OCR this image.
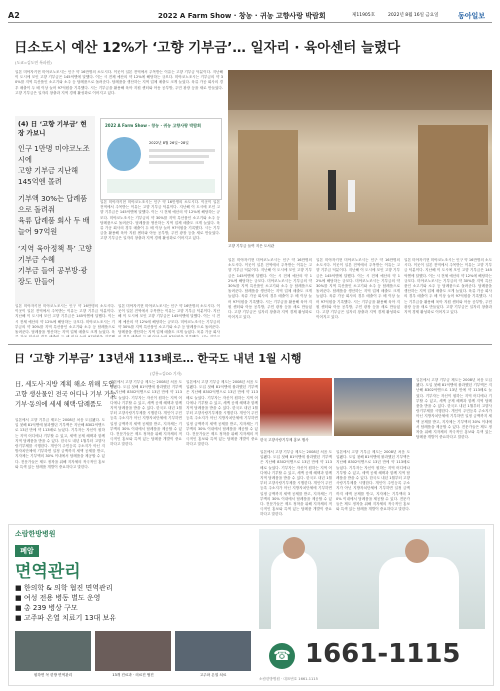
A2	2022 A Farm Show · 창농 · 귀농 고향사랑 박람회	제11905호	2022년 8월 16일 금요일	동아일보
日소도시 예산 12%가 ‘고향 기부금’… 일자리 · 육아센터 늘렸다
(도쿄=김도연 특파원)
일본 미야자키현 미야코노조시는 인구 약 16만명의 소도시다. 이곳이 일본 전역에서 주목받는 이유는 고향 기부금 덕분이다. 지난해 이 도시에 모인 고향 기부금은 145억엔에 달했다. 이는 시 전체 예산의 약 12%에 해당하는 규모다. 미야코노조시는 기부금의 약 30%를 지역 특산품인 소고기와 소주 등 답례품으로 돌려준다. 답례품을 생산하는 지역 업체 매출도 크게 늘었다. 육류 가공 회사의 경우 매출이 두 배 이상 늘어 97억원을 기록했다. 시는 기부금을 활용해 육아 지원 센터와 아동 공부방, 주민 광장 등을 새로 만들었다. 고향 기부금은 일자리 창출과 지역 경제 활성화로 이어지고 있다.
(4) 日 ‘고향 기부금’ 현장 가보니
인구 1만명 미야코노조시에
고향 기부금 지난해 145억엔 몰려
기부액 30%는 답례품으로 돌려줘
육류 답례품 회사 두 배 늘어 97억원
‘지역 육아정책 특’ 고향 기부금 수혜
기부금 들여 공부방·광장도 만들어
2022 A Farm Show - 창농 · 귀농 고향사랑 박람회
2022년 8월 26일~28일
일본 미야자키현 미야코노조시는 인구 약 16만명의 소도시다. 이곳이 일본 전역에서 주목받는 이유는 고향 기부금 덕분이다. 지난해 이 도시에 모인 고향 기부금은 145억엔에 달했다. 이는 시 전체 예산의 약 12%에 해당하는 규모다. 미야코노조시는 기부금의 약 30%를 지역 특산품인 소고기와 소주 등 답례품으로 돌려준다. 답례품을 생산하는 지역 업체 매출도 크게 늘었다. 육류 가공 회사의 경우 매출이 두 배 이상 늘어 97억원을 기록했다. 시는 기부금을 활용해 육아 지원 센터와 아동 공부방, 주민 광장 등을 새로 만들었다. 고향 기부금은 일자리 창출과 지역 경제 활성화로 이어지고 있다.
일본 미야자키현 미야코노조시는 인구 약 16만명의 소도시다. 이곳이 일본 전역에서 주목받는 이유는 고향 기부금 덕분이다. 지난해 이 도시에 모인 고향 기부금은 145억엔에 달했다. 이는 시 전체 예산의 약 12%에 해당하는 규모다. 미야코노조시는 기부금의 약 30%를 지역 특산품인 소고기와 소주 등 답례품으로 돌려준다. 답례품을 생산하는 지역 업체 매출도 크게 늘었다. 육
일본 미야자키현 미야코노조시는 인구 약 16만명의 소도시다. 이곳이 일본 전역에서 주목받는 이유는 고향 기부금 덕분이다. 지난해 이 도시에 모인 고향 기부금은 145억엔에 달했다. 이는 시 전체 예산의 약 12%에 해당하는 규모다. 미야코노조시는 기부금의 약 30%를 지역 특산품인 소고기와 소주 등 답례품으로 돌려준다. 답례품을 생산하는 지역 업체 매출도 크게 늘었다. 육류 가공 회사
고향 기부금 들여 지은 도서관
일본 미야자키현 미야코노조시는 인구 약 16만명의 소도시다. 이곳이 일본 전역에서 주목받는 이유는 고향 기부금 덕분이다. 지난해 이 도시에 모인 고향 기부금은 145억엔에 달했다. 이는 시 전체 예산의 약 12%에 해당하는 규모다. 미야코노조시는 기부금의 약 30%를 지역 특산품인 소고기와 소주 등 답례품으로 돌려준다. 답례품을 생산하는 지역 업체 매출도 크게 늘었다. 육류 가공 회사의 경우 매출이 두 배 이상 늘어 97억원을 기록했다. 시는 기부금을 활용해 육아 지원 센터와 아동 공부방, 주민 광장 등을 새로 만들었다. 고향 기부금은 일자리 창출과 지역 경제 활성화로 이어지고 있다.
일본 미야자키현 미야코노조시는 인구 약 16만명의 소도시다. 이곳이 일본 전역에서 주목받는 이유는 고향 기부금 덕분이다. 지난해 이 도시에 모인 고향 기부금은 145억엔에 달했다. 이는 시 전체 예산의 약 12%에 해당하는 규모다. 미야코노조시는 기부금의 약 30%를 지역 특산품인 소고기와 소주 등 답례품으로 돌려준다. 답례품을 생산하는 지역 업체 매출도 크게 늘었다. 육류 가공 회사의 경우 매출이 두 배 이상 늘어 97억원을 기록했다. 시는 기부금을 활용해 육아 지원 센터와 아동 공부방, 주민 광장 등을 새로 만들었다. 고향 기부금은 일자리 창출과 지역 경제 활성화로 이어지고 있다.
일본 미야자키현 미야코노조시는 인구 약 16만명의 소도시다. 이곳이 일본 전역에서 주목받는 이유는 고향 기부금 덕분이다. 지난해 이 도시에 모인 고향 기부금은 145억엔에 달했다. 이는 시 전체 예산의 약 12%에 해당하는 규모다. 미야코노조시는 기부금의 약 30%를 지역 특산품인 소고기와 소주 등 답례품으로 돌려준다. 답례품을 생산하는 지역 업체 매출도 크게 늘었다. 육류 가공 회사의 경우 매출이 두 배 이상 늘어 97억원을 기록했다. 시는 기부금을 활용해 육아 지원 센터와 아동 공부방, 주민 광장 등을 새로 만들었다. 고향 기부금은 일자리 창출과 지역 경제 활성화로 이어지고 있다.
日 ‘고향 기부금’ 13년새 113배로… 한국도 내년 1월 시행
(강릉=김OO 기자)
日, 세도사·지방 계획 해소 위해 도입
고향 생산물인 전국 어디나 기부 가능
기부·동의에 세세 혜택·답례품도
일본에서 고향 기부금 제도는 2008년 처음 도입됐다. 도입 첫해 81억엔에 불과했던 기부액은 지난해 8302억엔으로 13년 만에 약 113배로 늘었다. 기부자는 자신이 원하는 지역 어디에나 기부할 수 있고, 세액 공제 혜택과 함께 지역 답례품을 받을 수 있다. 한국도 내년 1월부터 고향사랑기부제를 시행한다. 개인이 주민등록 주소지가 아닌 지방자치단체에 기부하면 일정 금액까지 세액 공제를 받고, 지자체는 기부액의 30% 이내에서 답례품을 제공할 수 있다. 전문가들은 제도 정착을 위해 지자체의 적극적인 홍보와 특색 있는 답례품 개발이 중요하다고 말한다.
일본에서 고향 기부금 제도는 2008년 처음 도입됐다. 도입 첫해 81억엔에 불과했던 기부액은 지난해 8302억엔으로 13년 만에 약 113배로 늘었다. 기부자는 자신이 원하는 지역 어디에나 기부할 수 있고, 세액 공제 혜택과 함께 지역 답례품을 받을 수 있다. 한국도 내년 1월부터 고향사랑기부제를 시행한다. 개인이 주민등록 주소지가 아닌 지방자치단체에 기부하면 일정 금액까지 세액 공제를 받고, 지자체는 기부액의 30% 이내에서 답례품을 제공할 수 있다. 전문가들은 제도 정착을 위해 지자체의 적극적인 홍보와 특색 있는 답례품 개발이 중요하다고 말한다.
일본에서 고향 기부금 제도는 2008년 처음 도입됐다. 도입 첫해 81억엔에 불과했던 기부액은 지난해 8302억엔으로 13년 만에 약 113배로 늘었다. 기부자는 자신이 원하는 지역 어디에나 기부할 수 있고, 세액 공제 혜택과 함께 지역 답례품을 받을 수 있다. 한국도 내년 1월부터 고향사랑기부제를 시행한다. 개인이 주민등록 주소지가 아닌 지방자치단체에 기부하면 일정 금액까지 세액 공제를 받고, 지자체는 기부액의 30% 이내에서 답례품을 제공할 수 있다. 전문가들은 제도 정착을 위해 지자체의 적극적인 홍보와 특색 있는 답례품 개발이 중요하다고 말한다.
한국 고향사랑기부제 홍보 행사
일본에서 고향 기부금 제도는 2008년 처음 도입됐다. 도입 첫해 81억엔에 불과했던 기부액은 지난해 8302억엔으로 13년 만에 약 113배로 늘었다. 기부자는 자신이 원하는 지역 어디에나 기부할 수 있고, 세액 공제 혜택과 함께 지역 답례품을 받을 수 있다. 한국도 내년 1월부터 고향사랑기부제를 시행한다. 개인이 주민등록 주소지가 아닌 지방자치단체에 기부하면 일정 금액까지 세액 공제를 받고, 지자체는 기부액의 30% 이내에서 답례품을 제공할 수 있다. 전문가들은 제도 정착을 위해 지자체의 적극적인 홍보와 특색 있는 답례품 개발이 중요하다고 말한다.
일본에서 고향 기부금 제도는 2008년 처음 도입됐다. 도입 첫해 81억엔에 불과했던 기부액은 지난해 8302억엔으로 13년 만에 약 113배로 늘었다. 기부자는 자신이 원하는 지역 어디에나 기부할 수 있고, 세액 공제 혜택과 함께 지역 답례품을 받을 수 있다. 한국도 내년 1월부터 고향사랑기부제를 시행한다. 개인이 주민등록 주소지가 아닌 지방자치단체에 기부하면 일정 금액까지 세액 공제를 받고, 지자체는 기부액의 30% 이내에서 답례품을 제공할 수 있다. 전문가들은 제도 정착을 위해 지자체의 적극적인 홍보와 특색 있는 답례품 개발이 중요하다고 말한다.
일본에서 고향 기부금 제도는 2008년 처음 도입됐다. 도입 첫해 81억엔에 불과했던 기부액은 지난해 8302억엔으로 13년 만에 약 113배로 늘었다. 기부자는 자신이 원하는 지역 어디에나 기부할 수 있고, 세액 공제 혜택과 함께 지역 답례품을 받을 수 있다. 한국도 내년 1월부터 고향사랑기부제를 시행한다. 개인이 주민등록 주소지가 아닌 지방자치단체에 기부하면 일정 금액까지 세액 공제를 받고, 지자체는 기부액의 30% 이내에서 답례품을 제공할 수 있다. 전문가들은 제도 정착을 위해 지자체의 적극적인 홍보와 특색 있는 답례품 개발이 중요하다고 말한다.
소람한방병원
폐암
면역관리
■ 한의학 & 의학 협진 면역관리
■ 여성 전용 병동 별도 운영
■ 총 239 병상 구모
■ 고주파 온열 치료기 13대 보유
원하면 꼭 한방 면역관리	13개 진료과 · 의료진 협진	고주파 온열 치료
☎ 1661-1115
소람한방병원 · 대표번호 1661-1115
